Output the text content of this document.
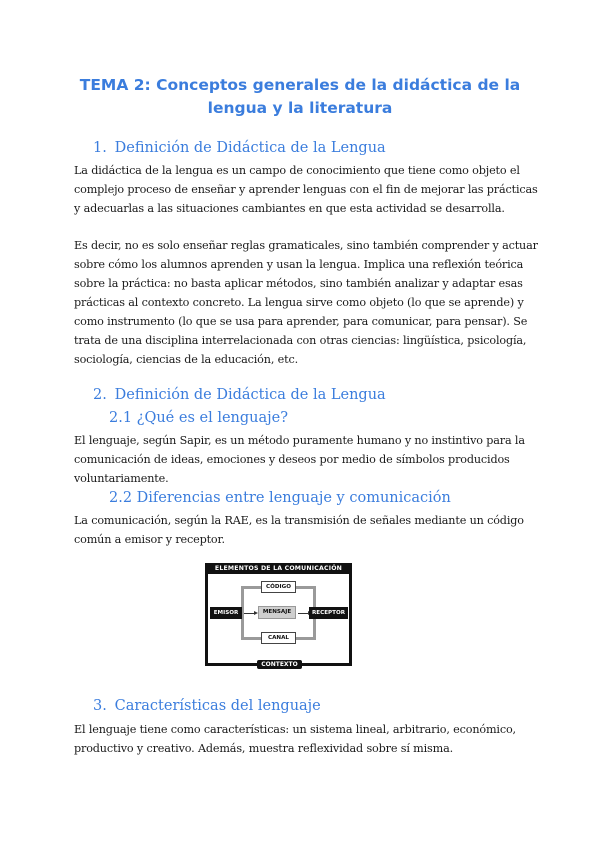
TEMA 2: Conceptos generales de la didáctica de la
lengua y la literatura
1. Definición de Didáctica de la Lengua

La didáctica de la lengua es un campo de conocimiento que tiene como objeto el
complejo proceso de enseñar y aprender lenguas con el fin de mejorar las prácticas
y adecuarlas a las situaciones cambiantes en que esta actividad se desarrolla.

Es decir, no es solo enseñar reglas gramaticales, sino también comprender y actuar
sobre cómo los alumnos aprenden y usan la lengua. Implica una reflexión teórica
sobre la práctica: no basta aplicar métodos, sino también analizar y adaptar esas
prácticas al contexto concreto. La lengua sirve como objeto (lo que se aprende) y
como instrumento (lo que se usa para aprender, para comunicar, para pensar). Se
trata de una disciplina interrelacionada con otras ciencias: lingüística, psicología,
sociología, ciencias de la educación, etc.

2. Definición de Didáctica de la Lengua
2.1 ¿Qué es el lenguaje?

El lenguaje, según Sapir, es un método puramente humano y no instintivo para la
comunicación de ideas, emociones y deseos por medio de símbolos producidos
voluntariamente.

2.2 Diferencias entre lenguaje y comunicación

La comunicación, según la RAE, es la transmisión de señales mediante un código
común a emisor y receptor.

ELEMENTOS DE LA COMUNICACIÓN
CÓDIGO
EMISOR	MENSAJE	RECEPTOR
CANAL
CONTEXTO
3. Características del lenguaje

El lenguaje tiene como características: un sistema lineal, arbitrario, económico,
productivo y creativo. Además, muestra reflexividad sobre sí misma.
